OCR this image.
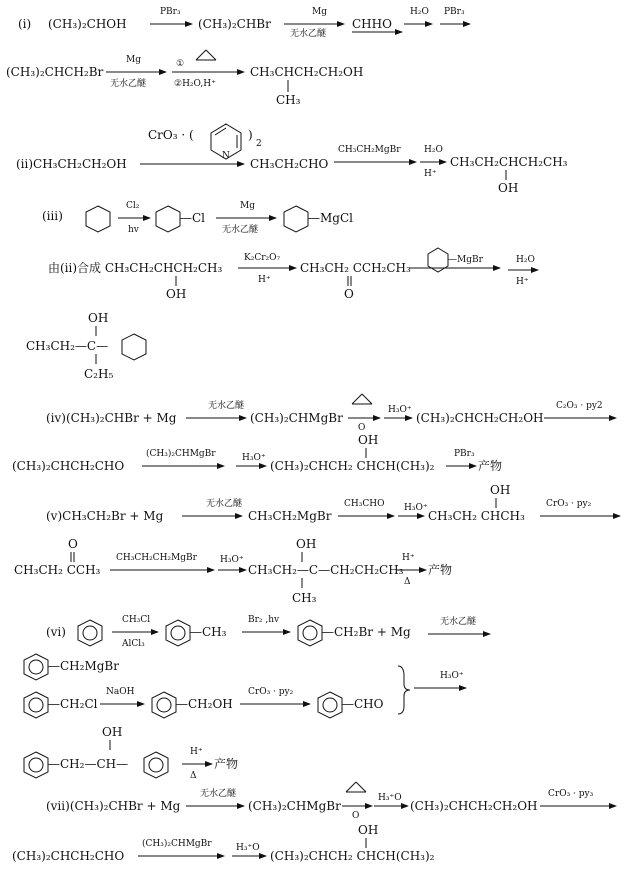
(ⅰ) (CH₃)₂CHOH
PBr₃
(CH₃)₂CHBr
Mg
无水乙醚
CHHO
H₂O PBr₃
(CH₃)₂CHCH₂Br
Mg
无水乙醚
①
②H₂O,H⁺
CH₃CHCH₂CH₂OH
CH₃
CrO₃ · (
N
)
2
(ⅱ)CH₃CH₂CH₂OH	CH₃CH₂CHO
CH₃CH₂MgBr	H₂O
H⁺
CH₃CH₂CHCH₂CH₃
OH
(ⅲ)
Cl₂
hv
—Cl
Mg
无水乙醚
—MgCl
由(ⅱ)合成 CH₃CH₂CHCH₂CH₃
OH
K₂Cr₂O₇
H⁺
CH₃CH₂ CCH₂CH₃
O
—MgBr	H₂O
H⁺
OH
CH₃CH₂—C—
C₂H₅
(ⅳ)(CH₃)₂CHBr + Mg
无水乙醚
(CH₃)₂CHMgBr
O
H₃O⁺
(CH₃)₂CHCH₂CH₂OH
C₂O₃ · py2
(CH₃)₂CHCH₂CHO
(CH₃)₂CHMgBr	H₃O⁺
OH
(CH₃)₂CHCH₂ CHCH(CH₃)₂
PBr₃
产物
(ⅴ)CH₃CH₂Br + Mg
无水乙醚
CH₃CH₂MgBr
CH₃CHO H₃O⁺
OH
CH₃CH₂ CHCH₃
CrO₃ · py₂
O
CH₃CH₂ CCH₃
CH₃CH₂CH₂MgBr	H₃O⁺
OH
CH₃CH₂—C—CH₂CH₂CH₃
CH₃
H⁺
Δ
产物
(ⅵ)
CH₃Cl
AlCl₃
—CH₃
Br₂ ,hv
—CH₂Br + Mg
无水乙醚
—CH₂MgBr
—CH₂Cl
NaOH
—CH₂OH
CrO₃ · py₂
—CHO
H₃O⁺
OH
—CH₂—CH—
H⁺
Δ
产物
(ⅶ)(CH₃)₂CHBr + Mg
无水乙醚
(CH₃)₂CHMgBr
O
H₃⁺O
(CH₃)₂CHCH₂CH₂OH
CrO₃ · py₃
(CH₃)₂CHCH₂CHO
(CH₃)₂CHMgBr	H₃⁺O
OH
(CH₃)₂CHCH₂ CHCH(CH₃)₂
